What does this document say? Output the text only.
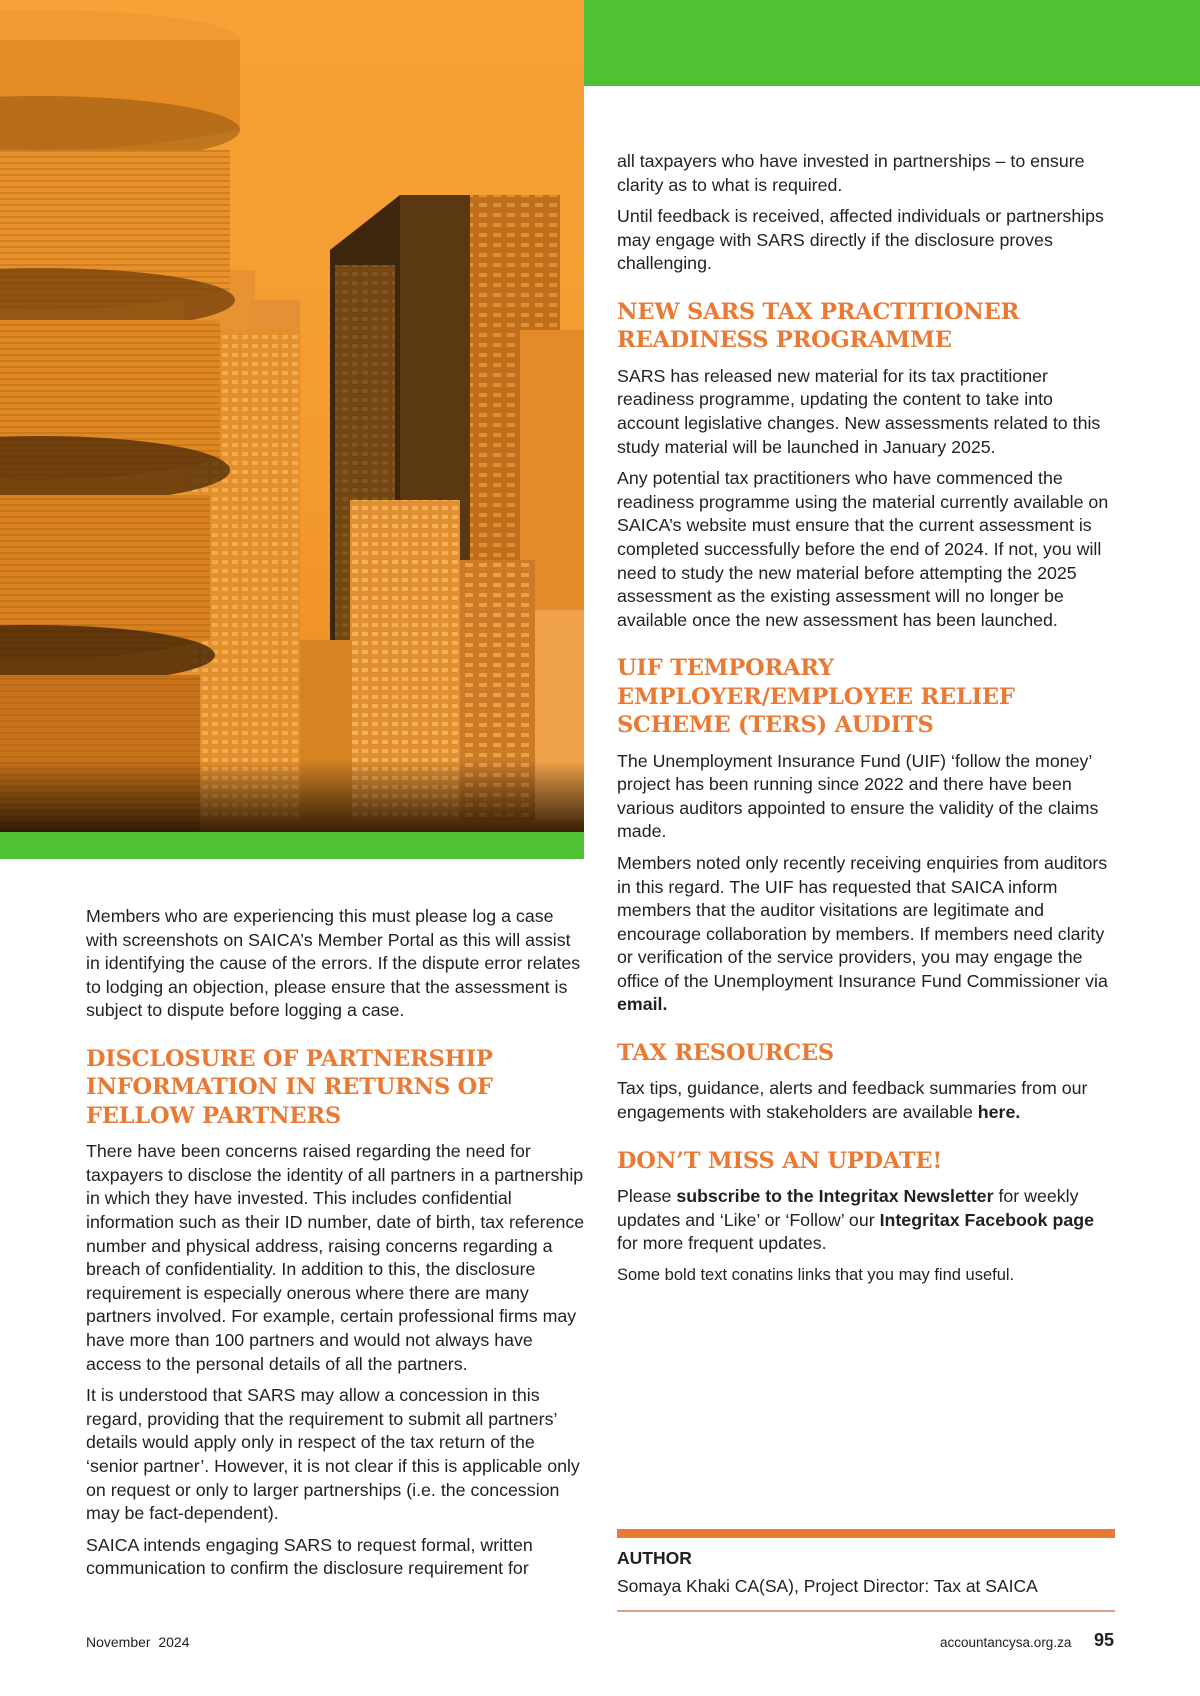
Members who are experiencing this must please log a case with screenshots on SAICA’s Member Portal as this will assist in identifying the cause of the errors. If the dispute error relates to lodging an objection, please ensure that the assessment is subject to dispute before logging a case.

DISCLOSURE OF PARTNERSHIP INFORMATION IN RETURNS OF FELLOW PARTNERS

There have been concerns raised regarding the need for taxpayers to disclose the identity of all partners in a partnership in which they have invested. This includes confidential information such as their ID number, date of birth, tax reference number and physical address, raising concerns regarding a breach of confidentiality. In addition to this, the disclosure requirement is especially onerous where there are many partners involved. For example, certain professional firms may have more than 100 partners and would not always have access to the personal details of all the partners.

It is understood that SARS may allow a concession in this regard, providing that the requirement to submit all partners’ details would apply only in respect of the tax return of the ‘senior partner’. However, it is not clear if this is applicable only on request or only to larger partnerships (i.e. the concession may be fact-dependent).

SAICA intends engaging SARS to request formal, written communication to confirm the disclosure requirement for

all taxpayers who have invested in partnerships – to ensure clarity as to what is required.

Until feedback is received, affected individuals or partnerships may engage with SARS directly if the disclosure proves challenging.

NEW SARS TAX PRACTITIONER READINESS PROGRAMME

SARS has released new material for its tax practitioner readiness programme, updating the content to take into account legislative changes. New assessments related to this study material will be launched in January 2025.

Any potential tax practitioners who have commenced the readiness programme using the material currently available on SAICA’s website must ensure that the current assessment is completed successfully before the end of 2024. If not, you will need to study the new material before attempting the 2025 assessment as the existing assessment will no longer be available once the new assessment has been launched.

UIF TEMPORARY EMPLOYER/EMPLOYEE RELIEF SCHEME (TERS) AUDITS

The Unemployment Insurance Fund (UIF) ‘follow the money’ project has been running since 2022 and there have been various auditors appointed to ensure the validity of the claims made.

Members noted only recently receiving enquiries from auditors in this regard. The UIF has requested that SAICA inform members that the auditor visitations are legitimate and encourage collaboration by members. If members need clarity or verification of the service providers, you may engage the office of the Unemployment Insurance Fund Commissioner via email.

TAX RESOURCES

Tax tips, guidance, alerts and feedback summaries from our engagements with stakeholders are available here.

DON’T MISS AN UPDATE!

Please subscribe to the Integritax Newsletter for weekly updates and ‘Like’ or ‘Follow’ our Integritax Facebook page for more frequent updates.

Some bold text conatins links that you may find useful.

AUTHOR
Somaya Khaki CA(SA), Project Director: Tax at SAICA
November  2024	accountancysa.org.za 95
